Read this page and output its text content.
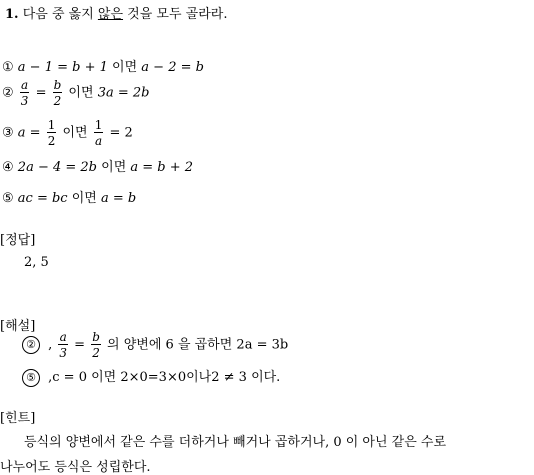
1. 다음 중 옳지 않은 것을 모두 골라라.
① a − 1 = b + 1 이면 a − 2 = b
② $\frac{a}{3} = \frac{b}{2}$ 이면 3a = 2b
③ $a = \frac{1}{2}$ 이면 $\frac{1}{a} = 2$
④ 2a − 4 = 2b 이면 a = b + 2
⑤ ac = bc 이면 a = b
[정답]
2, 5
[해설]
② , $\frac{a}{3} = \frac{b}{2}$ 의 양변에 6 을 곱하면 2a = 3b
⑤ ,c = 0 이면 2×0=3×0이나2 ≠ 3 이다.
[힌트]
등식의 양변에서 같은 수를 더하거나 빼거나 곱하거나, 0 이 아닌 같은 수로
나누어도 등식은 성립한다.
